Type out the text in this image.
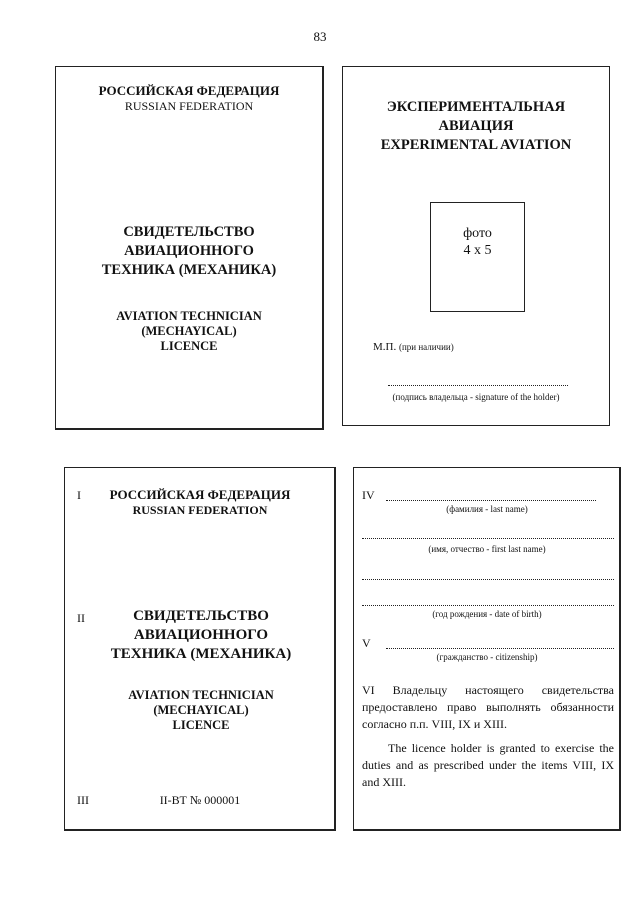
83
РОССИЙСКАЯ ФЕДЕРАЦИЯ
RUSSIAN FEDERATION
СВИДЕТЕЛЬСТВО
АВИАЦИОННОГО
ТЕХНИКА (МЕХАНИКА)
AVIATION TECHNICIAN
(MECHAYICAL)
LICENCE
ЭКСПЕРИМЕНТАЛЬНАЯ
АВИАЦИЯ
EXPERIMENTAL AVIATION
фото
4 x 5
М.П. (при наличии)
(подпись владельца - signature of the holder)
I	РОССИЙСКАЯ ФЕДЕРАЦИЯ
RUSSIAN FEDERATION
II	СВИДЕТЕЛЬСТВО
АВИАЦИОННОГО
ТЕХНИКА (МЕХАНИКА)
AVIATION TECHNICIAN
(MECHAYICAL)
LICENCE
III	II-ВТ № 000001
IV
(фамилия - last name)
(имя, отчество - first last name)
(год рождения - date of birth)
V
(гражданство - citizenship)
VI Владельцу настоящего свидетельства предоставлено право выполнять обязанности согласно п.п. VIII, IX и XIII.
The licence holder is granted to exercise the duties and as prescribed under the items VIII, IX and XIII.
